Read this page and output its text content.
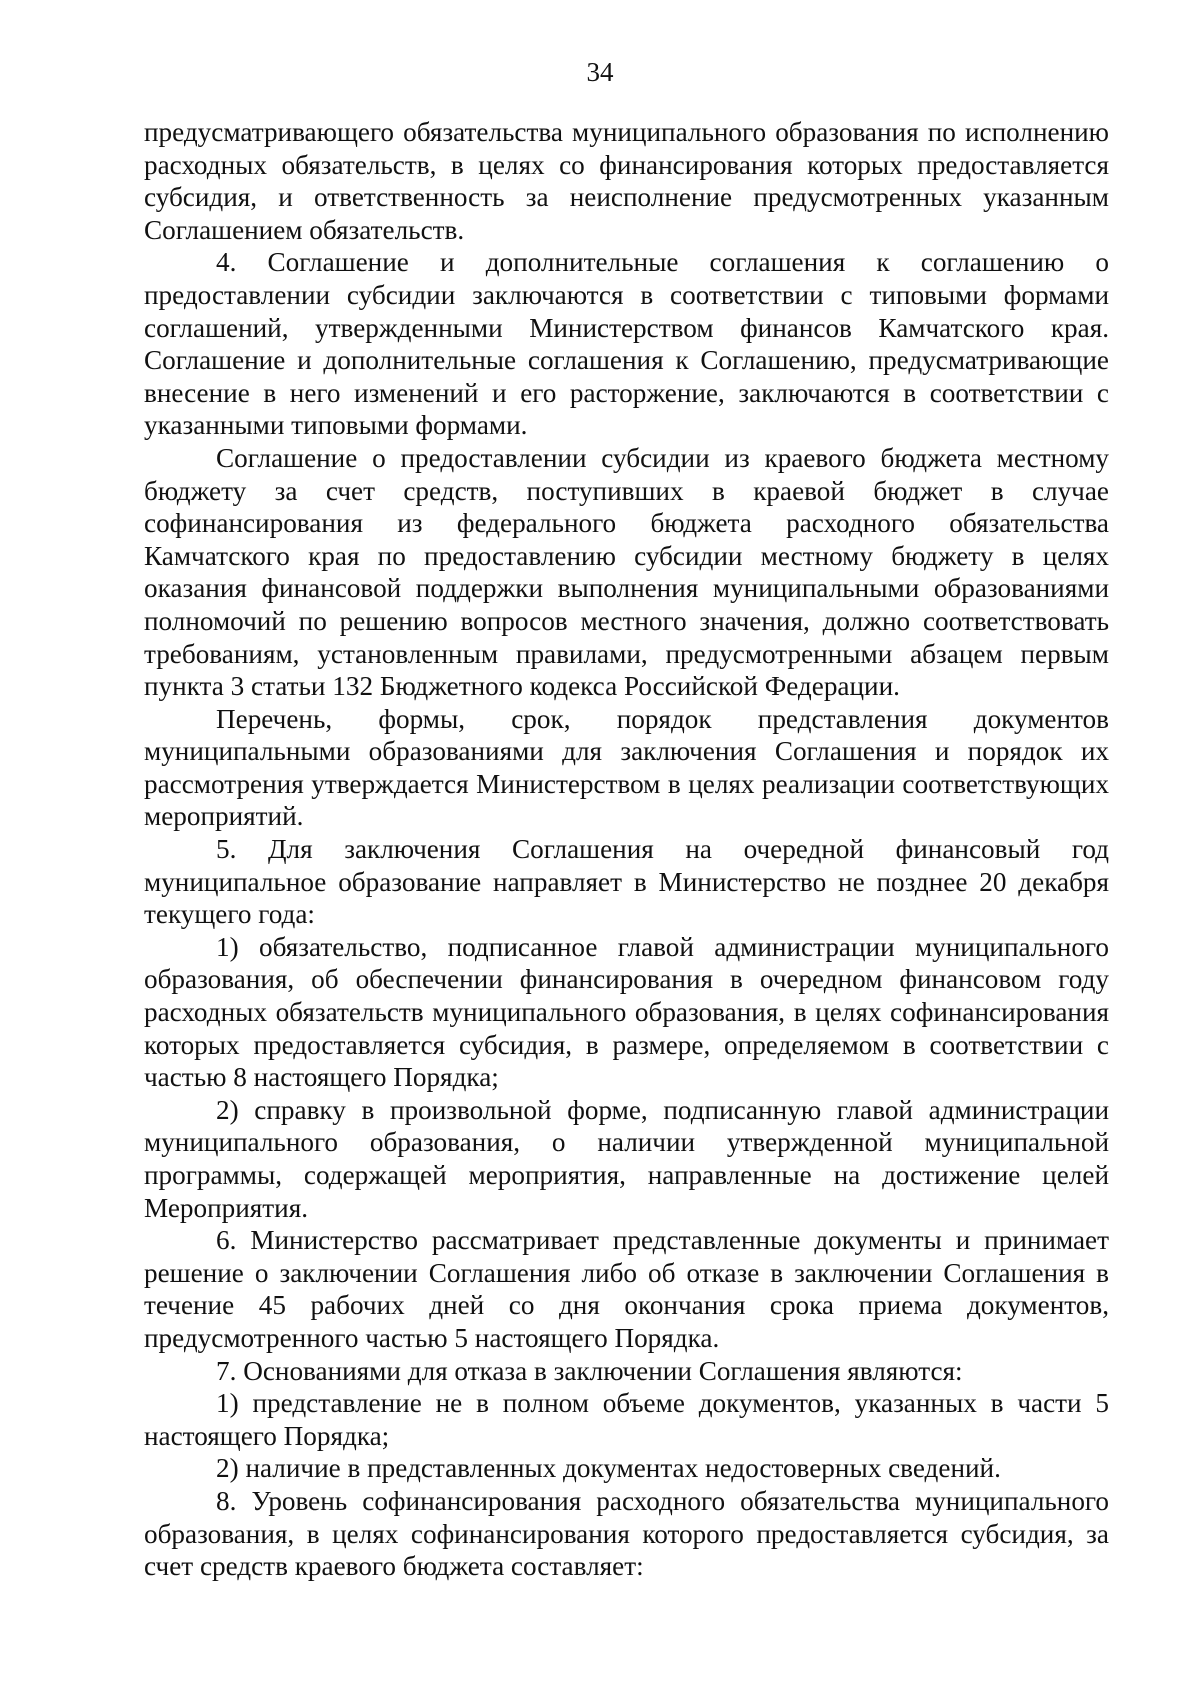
34

предусматривающего обязательства муниципального образования по исполнению расходных обязательств, в целях со финансирования которых предоставляется субсидия, и ответственность за неисполнение предусмотренных указанным Соглашением обязательств.

4. Соглашение и дополнительные соглашения к соглашению о предоставлении субсидии заключаются в соответствии с типовыми формами соглашений, утвержденными Министерством финансов Камчатского края. Соглашение и дополнительные соглашения к Соглашению, предусматривающие внесение в него изменений и его расторжение, заключаются в соответствии с указанными типовыми формами.

Соглашение о предоставлении субсидии из краевого бюджета местному бюджету за счет средств, поступивших в краевой бюджет в случае софинансирования из федерального бюджета расходного обязательства Камчатского края по предоставлению субсидии местному бюджету в целях оказания финансовой поддержки выполнения муниципальными образованиями полномочий по решению вопросов местного значения, должно соответствовать требованиям, установленным правилами, предусмотренными абзацем первым пункта 3 статьи 132 Бюджетного кодекса Российской Федерации.

Перечень, формы, срок, порядок представления документов муниципальными образованиями для заключения Соглашения и порядок их рассмотрения утверждается Министерством в целях реализации соответствующих мероприятий.

5. Для заключения Соглашения на очередной финансовый год муниципальное образование направляет в Министерство не позднее 20 декабря текущего года:

1) обязательство, подписанное главой администрации муниципального образования, об обеспечении финансирования в очередном финансовом году расходных обязательств муниципального образования, в целях софинансирования которых предоставляется субсидия, в размере, определяемом в соответствии с частью 8 настоящего Порядка;

2) справку в произвольной форме, подписанную главой администрации муниципального образования, о наличии утвержденной муниципальной программы, содержащей мероприятия, направленные на достижение целей Мероприятия.

6. Министерство рассматривает представленные документы и принимает решение о заключении Соглашения либо об отказе в заключении Соглашения в течение 45 рабочих дней со дня окончания срока приема документов, предусмотренного частью 5 настоящего Порядка.

7. Основаниями для отказа в заключении Соглашения являются:

1) представление не в полном объеме документов, указанных в части 5 настоящего Порядка;

2) наличие в представленных документах недостоверных сведений.

8. Уровень софинансирования расходного обязательства муниципального образования, в целях софинансирования которого предоставляется субсидия, за счет средств краевого бюджета составляет:
